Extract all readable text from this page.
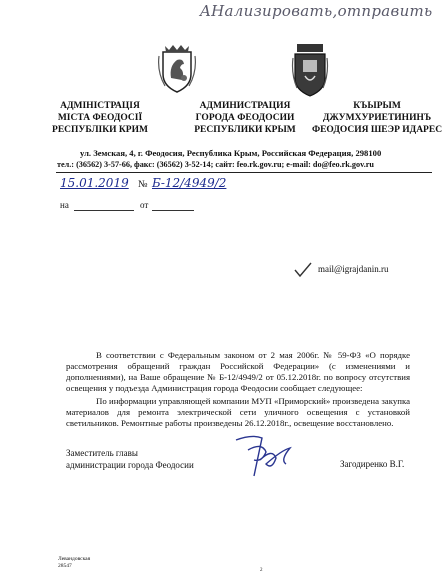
AНaлизировать,отправить
АДМІНІСТРАЦІЯ
МІСТА ФЕОДОСІЇ
РЕСПУБЛІКИ КРИМ
АДМИНИСТРАЦИЯ
ГОРОДА ФЕОДОСИИ
РЕСПУБЛИКИ КРЫМ
КЪЫРЫМ
ДЖУМХУРИЕТИНИНЪ
ФЕОДОСИЯ ШЕЭР ИДАРЕС
ул. Земская, 4, г. Феодосия, Республика Крым, Российская Федерация, 298100
тел.: (36562) 3-57-66, факс: (36562) 3-52-14; сайт: feo.rk.gov.ru; e-mail: do@feo.rk.gov.ru
15.01.2019 № Б-12/4949/2
на	от
mail@igrajdanin.ru
В соответствии с Федеральным законом от 2 мая 2006г. № 59-ФЗ «О порядке рассмотрения обращений граждан Российской Федерации» (с изменениями и дополнениями), на Ваше обращение № Б-12/4949/2 от 05.12.2018г. по вопросу отсутствия освещения у подъезда Администрация города Феодосии сообщает следующее:
По информации управляющей компании МУП «Приморский» произведена закупка материалов для ремонта электрической сети уличного освещения с установкой светильников. Ремонтные работы произведены 26.12.2018г., освещение восстановлено.
Заместитель главы
администрации города Феодосии	Загодиренко В.Г.
Левандовская
28547
2
